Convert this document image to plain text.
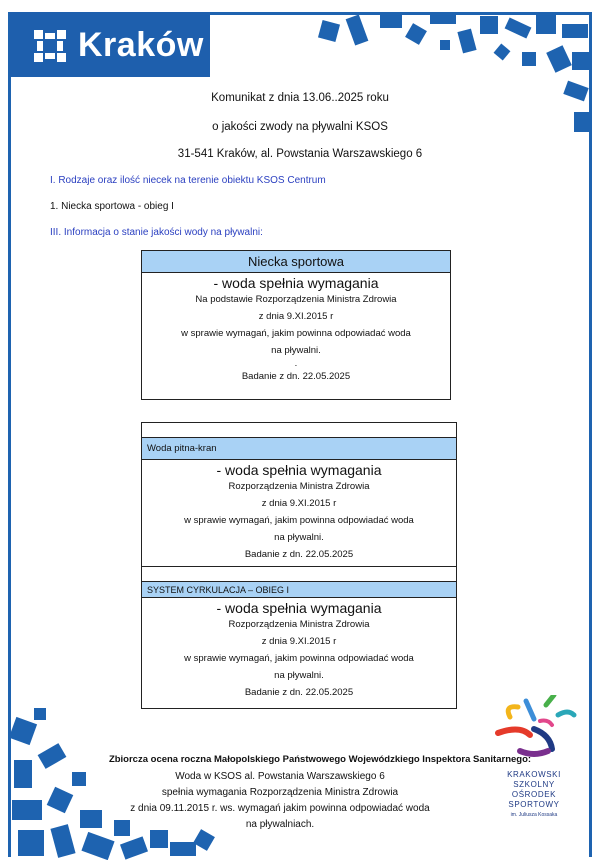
Kraków
Komunikat z dnia 13.06..2025 roku
o jakości zwody na pływalni KSOS
31-541 Kraków, al. Powstania Warszawskiego 6
I. Rodzaje oraz ilość niecek na terenie obiektu KSOS Centrum
1. Niecka sportowa - obieg I
III. Informacja o stanie jakości wody na pływalni:
Niecka sportowa

- woda spełnia wymagania
Na podstawie Rozporządzenia Ministra Zdrowia
z dnia 9.XI.2015 r
w sprawie wymagań, jakim powinna odpowiadać woda
na pływalni.
.
Badanie z dn. 22.05.2025

Woda pitna-kran

- woda spełnia wymagania
Rozporządzenia Ministra Zdrowia
z dnia 9.XI.2015 r
w sprawie wymagań, jakim powinna odpowiadać woda
na pływalni.
Badanie z dn. 22.05.2025

SYSTEM CYRKULACJA – OBIEG I

- woda spełnia wymagania
Rozporządzenia Ministra Zdrowia
z dnia 9.XI.2015 r
w sprawie wymagań, jakim powinna odpowiadać woda
na pływalni.
Badanie z dn. 22.05.2025
Zbiorcza ocena roczna Małopolskiego Państwowego Wojewódzkiego Inspektora Sanitarnego:
Woda w KSOS al. Powstania Warszawskiego 6
spełnia wymagania Rozporządzenia Ministra Zdrowia
z dnia 09.11.2015 r. ws. wymagań jakim powinna odpowiadać woda
na pływalniach.
KRAKOWSKI
SZKOLNY
OŚRODEK
SPORTOWY
im. Juliusza Kossaka
